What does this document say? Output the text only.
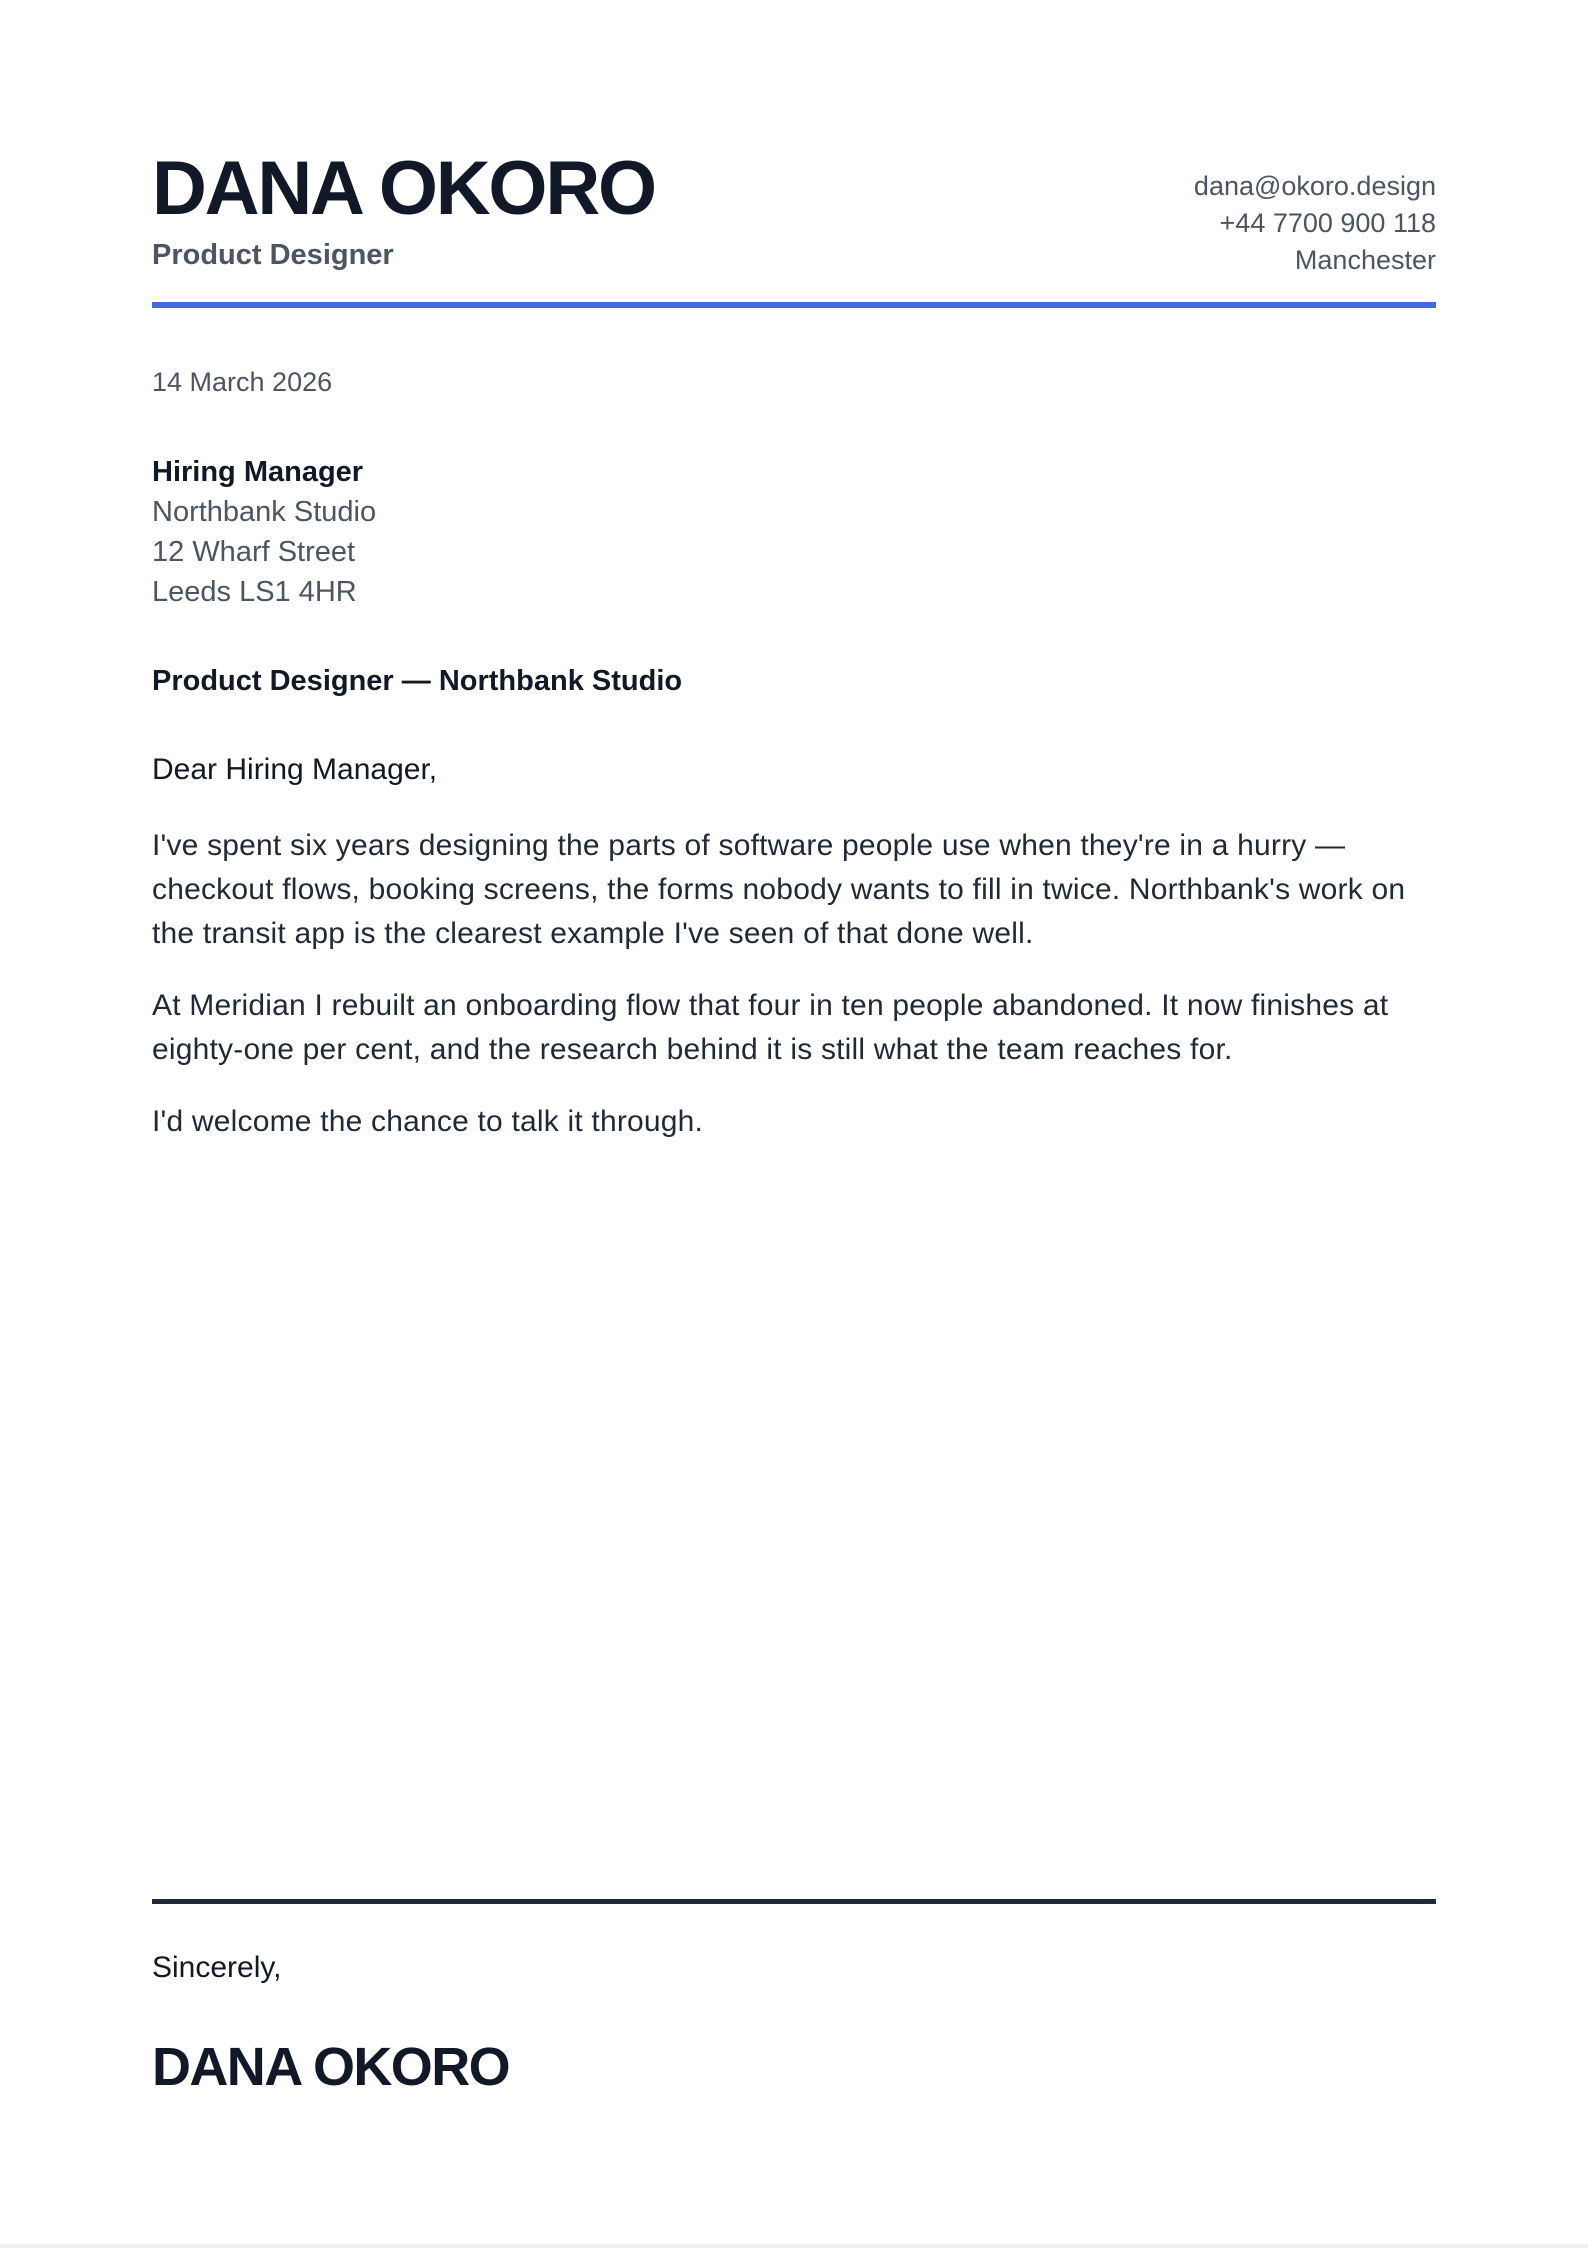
DANA OKORO
Product Designer
dana@okoro.design
+44 7700 900 118
Manchester
14 March 2026
Hiring Manager
Northbank Studio
12 Wharf Street
Leeds LS1 4HR
Product Designer — Northbank Studio
Dear Hiring Manager,

I've spent six years designing the parts of software people use when they're in a hurry — checkout flows, booking screens, the forms nobody wants to fill in twice. Northbank's work on the transit app is the clearest example I've seen of that done well.

At Meridian I rebuilt an onboarding flow that four in ten people abandoned. It now finishes at eighty-one per cent, and the research behind it is still what the team reaches for.

I'd welcome the chance to talk it through.

Sincerely,
DANA OKORO
